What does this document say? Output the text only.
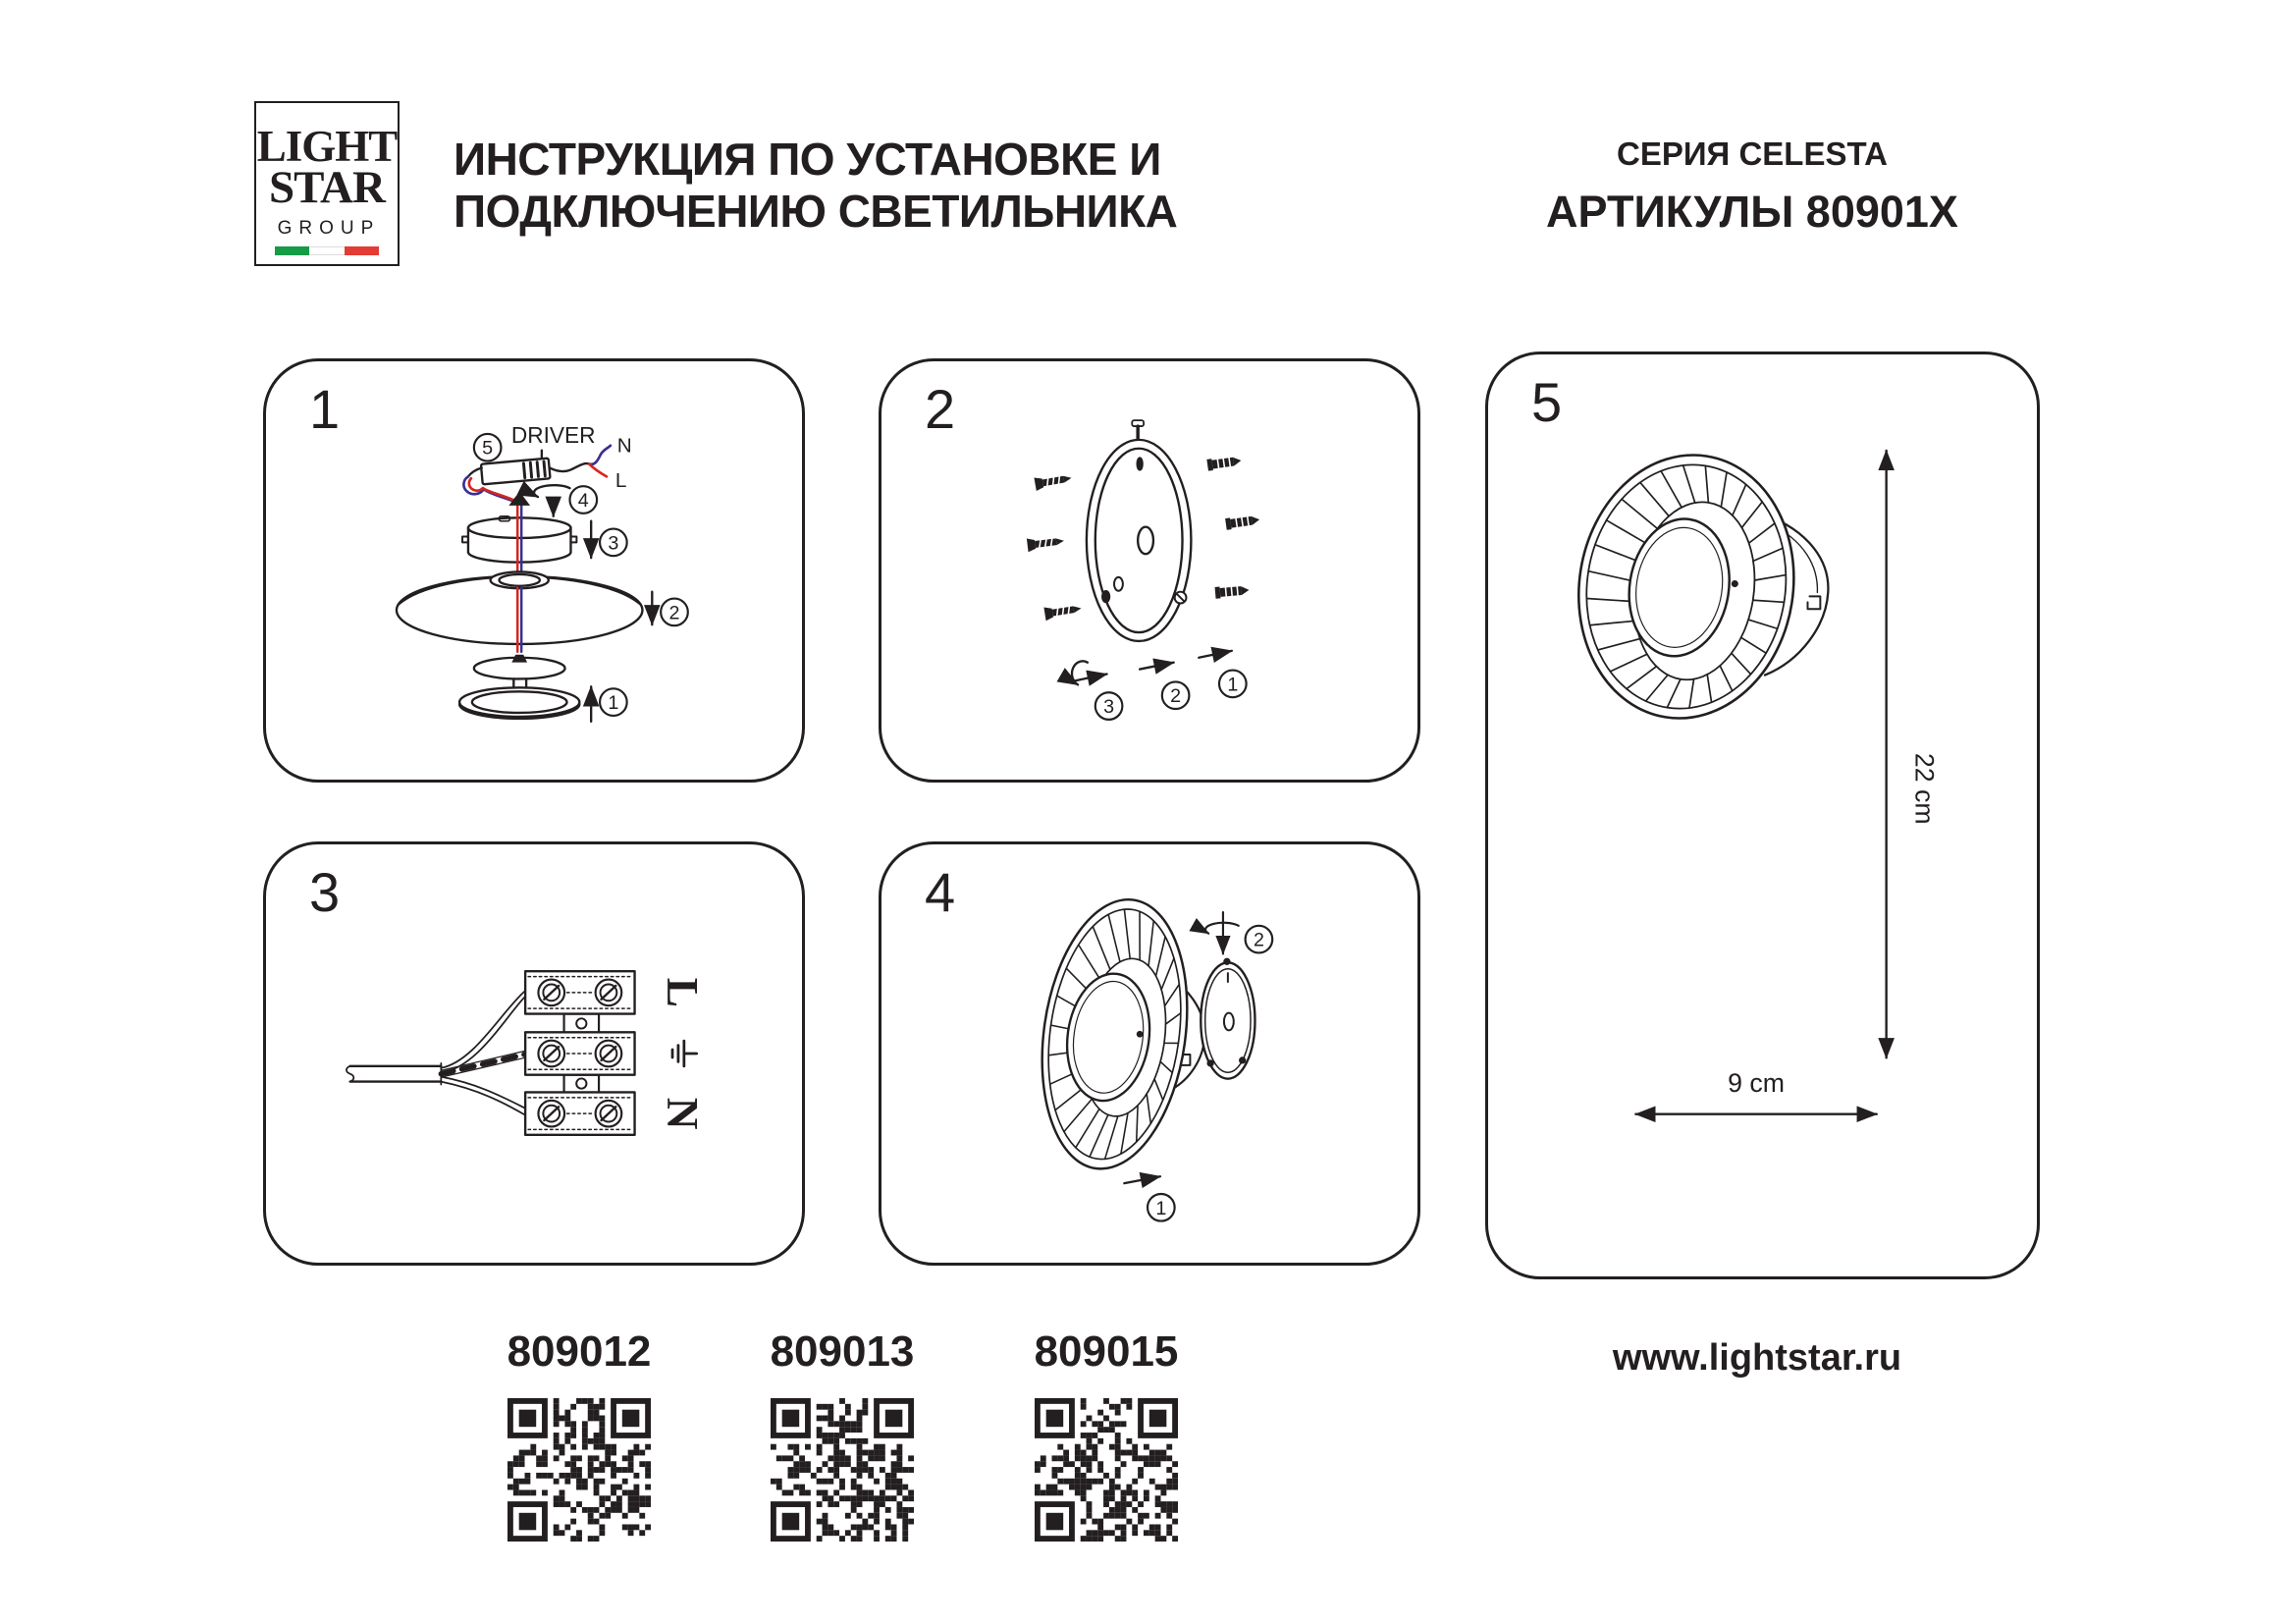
LIGHT
STAR
GROUP
ИНСТРУКЦИЯ ПО УСТАНОВКЕ И
ПОДКЛЮЧЕНИЮ СВЕТИЛЬНИКА
СЕРИЯ CELESTA
АРТИКУЛЫ 80901X
1	DRIVER N
L
5
4
3
2
1
2
3	2
1
3
L
N
4
2
1
5
22 cm
9 cm
809012	809013	809015	www.lightstar.ru
